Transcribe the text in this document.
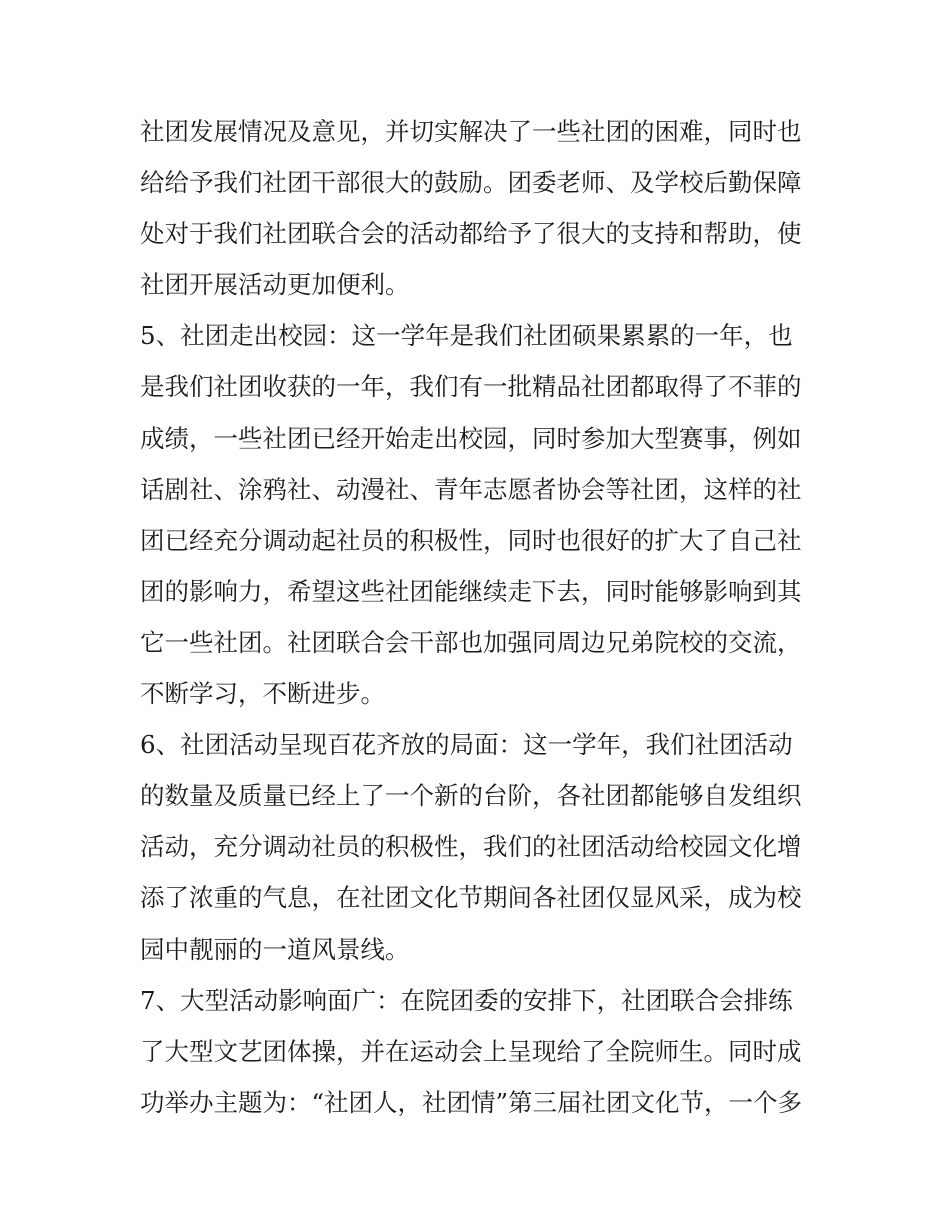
社团发展情况及意见，并切实解决了一些社团的困难，同时也
给给予我们社团干部很大的鼓励。团委老师、及学校后勤保障
处对于我们社团联合会的活动都给予了很大的支持和帮助，使
社团开展活动更加便利。
5、社团走出校园：这一学年是我们社团硕果累累的一年，也
是我们社团收获的一年，我们有一批精品社团都取得了不菲的
成绩，一些社团已经开始走出校园，同时参加大型赛事，例如
话剧社、涂鸦社、动漫社、青年志愿者协会等社团，这样的社
团已经充分调动起社员的积极性，同时也很好的扩大了自己社
团的影响力，希望这些社团能继续走下去，同时能够影响到其
它一些社团。社团联合会干部也加强同周边兄弟院校的交流，
不断学习，不断进步。
6、社团活动呈现百花齐放的局面：这一学年，我们社团活动
的数量及质量已经上了一个新的台阶，各社团都能够自发组织
活动，充分调动社员的积极性，我们的社团活动给校园文化增
添了浓重的气息，在社团文化节期间各社团仅显风采，成为校
园中靓丽的一道风景线。
7、大型活动影响面广：在院团委的安排下，社团联合会排练
了大型文艺团体操，并在运动会上呈现给了全院师生。同时成
功举办主题为：“社团人，社团情”第三届社团文化节，一个多
